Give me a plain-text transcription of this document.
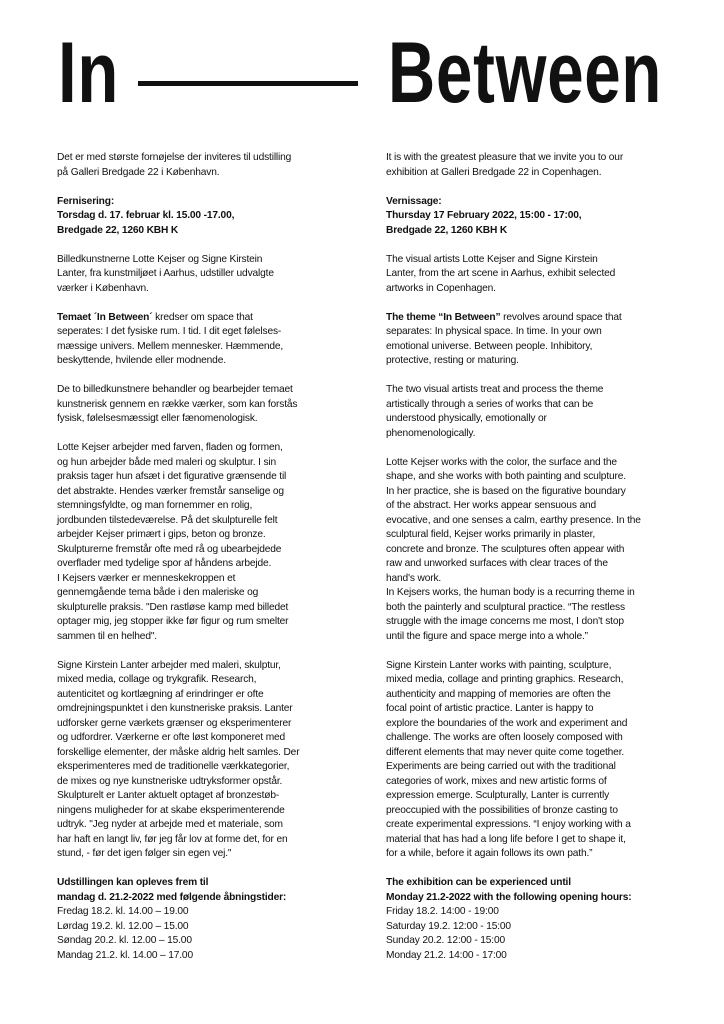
In	Between

Det er med største fornøjelse der inviteres til udstilling
på Galleri Bredgade 22 i København.

Fernisering:
Torsdag d. 17. februar kl. 15.00 -17.00,
Bredgade 22, 1260 KBH K

Billedkunstnerne Lotte Kejser og Signe Kirstein
Lanter, fra kunstmiljøet i Aarhus, udstiller udvalgte
værker i København.

Temaet ´In Between´ kredser om space that
seperates: I det fysiske rum. I tid. I dit eget følelses-
mæssige univers. Mellem mennesker. Hæmmende,
beskyttende, hvilende eller modnende.

De to billedkunstnere behandler og bearbejder temaet
kunstnerisk gennem en række værker, som kan forstås
fysisk, følelsesmæssigt eller fænomenologisk.

Lotte Kejser arbejder med farven, fladen og formen,
og hun arbejder både med maleri og skulptur. I sin
praksis tager hun afsæt i det figurative grænsende til
det abstrakte. Hendes værker fremstår sanselige og
stemningsfyldte, og man fornemmer en rolig,
jordbunden tilstedeværelse. På det skulpturelle felt
arbejder Kejser primært i gips, beton og bronze.
Skulpturerne fremstår ofte med rå og ubearbejdede
overflader med tydelige spor af håndens arbejde.
I Kejsers værker er menneskekroppen et
gennemgående tema både i den maleriske og
skulpturelle praksis. "Den rastløse kamp med billedet
optager mig, jeg stopper ikke før figur og rum smelter
sammen til en helhed".

Signe Kirstein Lanter arbejder med maleri, skulptur,
mixed media, collage og trykgrafik. Research,
autenticitet og kortlægning af erindringer er ofte
omdrejningspunktet i den kunstneriske praksis. Lanter
udforsker gerne værkets grænser og eksperimenterer
og udfordrer. Værkerne er ofte løst komponeret med
forskellige elementer, der måske aldrig helt samles. Der
eksperimenteres med de traditionelle værkkategorier,
de mixes og nye kunstneriske udtryksformer opstår.
Skulpturelt er Lanter aktuelt optaget af bronzestøb-
ningens muligheder for at skabe eksperimenterende
udtryk. "Jeg nyder at arbejde med et materiale, som
har haft en langt liv, før jeg får lov at forme det, for en
stund, - før det igen følger sin egen vej."

Udstillingen kan opleves frem til
mandag d. 21.2-2022 med følgende åbningstider:
Fredag 18.2. kl. 14.00 – 19.00
Lørdag 19.2. kl. 12.00 – 15.00
Søndag 20.2. kl. 12.00 – 15.00
Mandag 21.2. kl. 14.00 – 17.00

It is with the greatest pleasure that we invite you to our
exhibition at Galleri Bredgade 22 in Copenhagen.

Vernissage:
Thursday 17 February 2022, 15:00 - 17:00,
Bredgade 22, 1260 KBH K

The visual artists Lotte Kejser and Signe Kirstein
Lanter, from the art scene in Aarhus, exhibit selected
artworks in Copenhagen.

The theme “In Between” revolves around space that
separates: In physical space. In time. In your own
emotional universe. Between people. Inhibitory,
protective, resting or maturing.

The two visual artists treat and process the theme
artistically through a series of works that can be
understood physically, emotionally or
phenomenologically.

Lotte Kejser works with the color, the surface and the
shape, and she works with both painting and sculpture.
In her practice, she is based on the figurative boundary
of the abstract. Her works appear sensuous and
evocative, and one senses a calm, earthy presence. In the
sculptural field, Kejser works primarily in plaster,
concrete and bronze. The sculptures often appear with
raw and unworked surfaces with clear traces of the
hand's work.
In Kejsers works, the human body is a recurring theme in
both the painterly and sculptural practice. “The restless
struggle with the image concerns me most, I don't stop
until the figure and space merge into a whole.”

Signe Kirstein Lanter works with painting, sculpture,
mixed media, collage and printing graphics. Research,
authenticity and mapping of memories are often the
focal point of artistic practice. Lanter is happy to
explore the boundaries of the work and experiment and
challenge. The works are often loosely composed with
different elements that may never quite come together.
Experiments are being carried out with the traditional
categories of work, mixes and new artistic forms of
expression emerge. Sculpturally, Lanter is currently
preoccupied with the possibilities of bronze casting to
create experimental expressions. “I enjoy working with a
material that has had a long life before I get to shape it,
for a while, before it again follows its own path.”

The exhibition can be experienced until
Monday 21.2-2022 with the following opening hours:
Friday 18.2. 14:00 - 19:00
Saturday 19.2. 12:00 - 15:00
Sunday 20.2. 12:00 - 15:00
Monday 21.2. 14:00 - 17:00
